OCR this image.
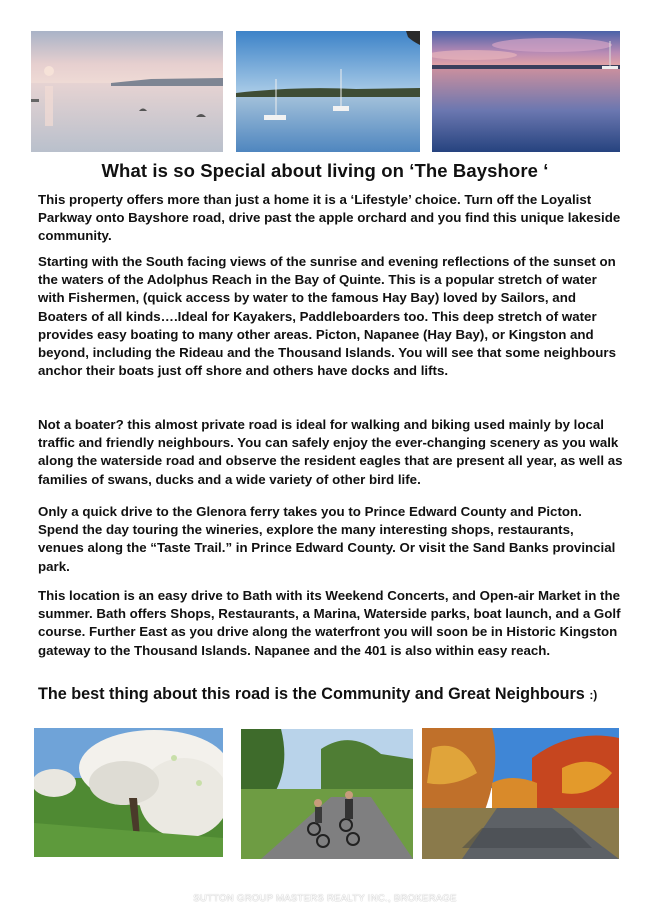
What is so Special about living on ‘The Bayshore ‘

This property offers more than just a home it is a ‘Lifestyle’ choice. Turn off the Loyalist Parkway onto Bayshore road, drive past the apple orchard and you find this unique lakeside community.

Starting with the South facing views of the sunrise and evening reflections of the sunset on the waters of the Adolphus Reach in the Bay of Quinte. This is a popular stretch of water with Fishermen, (quick access by water to the famous Hay Bay) loved by Sailors, and Boaters of all kinds….Ideal for Kayakers, Paddleboarders too. This deep stretch of water provides easy boating to many other areas. Picton, Napanee (Hay Bay), or Kingston and beyond, including the Rideau and the Thousand Islands. You will see that some neighbours anchor their boats just off shore and others have docks and lifts.

Not a boater? this almost private road is ideal for walking and biking used mainly by local traffic and friendly neighbours. You can safely enjoy the ever-changing scenery as you walk along the waterside road and observe the resident eagles that are present all year, as well as families of swans, ducks and a wide variety of other bird life.

Only a quick drive to the Glenora ferry takes you to Prince Edward County and Picton. Spend the day touring the wineries, explore the many interesting shops, restaurants, venues along the “Taste Trail.” in Prince Edward County. Or visit the Sand Banks provincial park.

This location is an easy drive to Bath with its Weekend Concerts, and Open-air Market in the summer. Bath offers Shops, Restaurants, a Marina, Waterside parks, boat launch, and a Golf course. Further East as you drive along the waterfront you will soon be in Historic Kingston gateway to the Thousand Islands. Napanee and the 401 is also within easy reach.

The best thing about this road is the Community and Great Neighbours :)

SUTTON GROUP MASTERS REALTY INC., BROKERAGE
